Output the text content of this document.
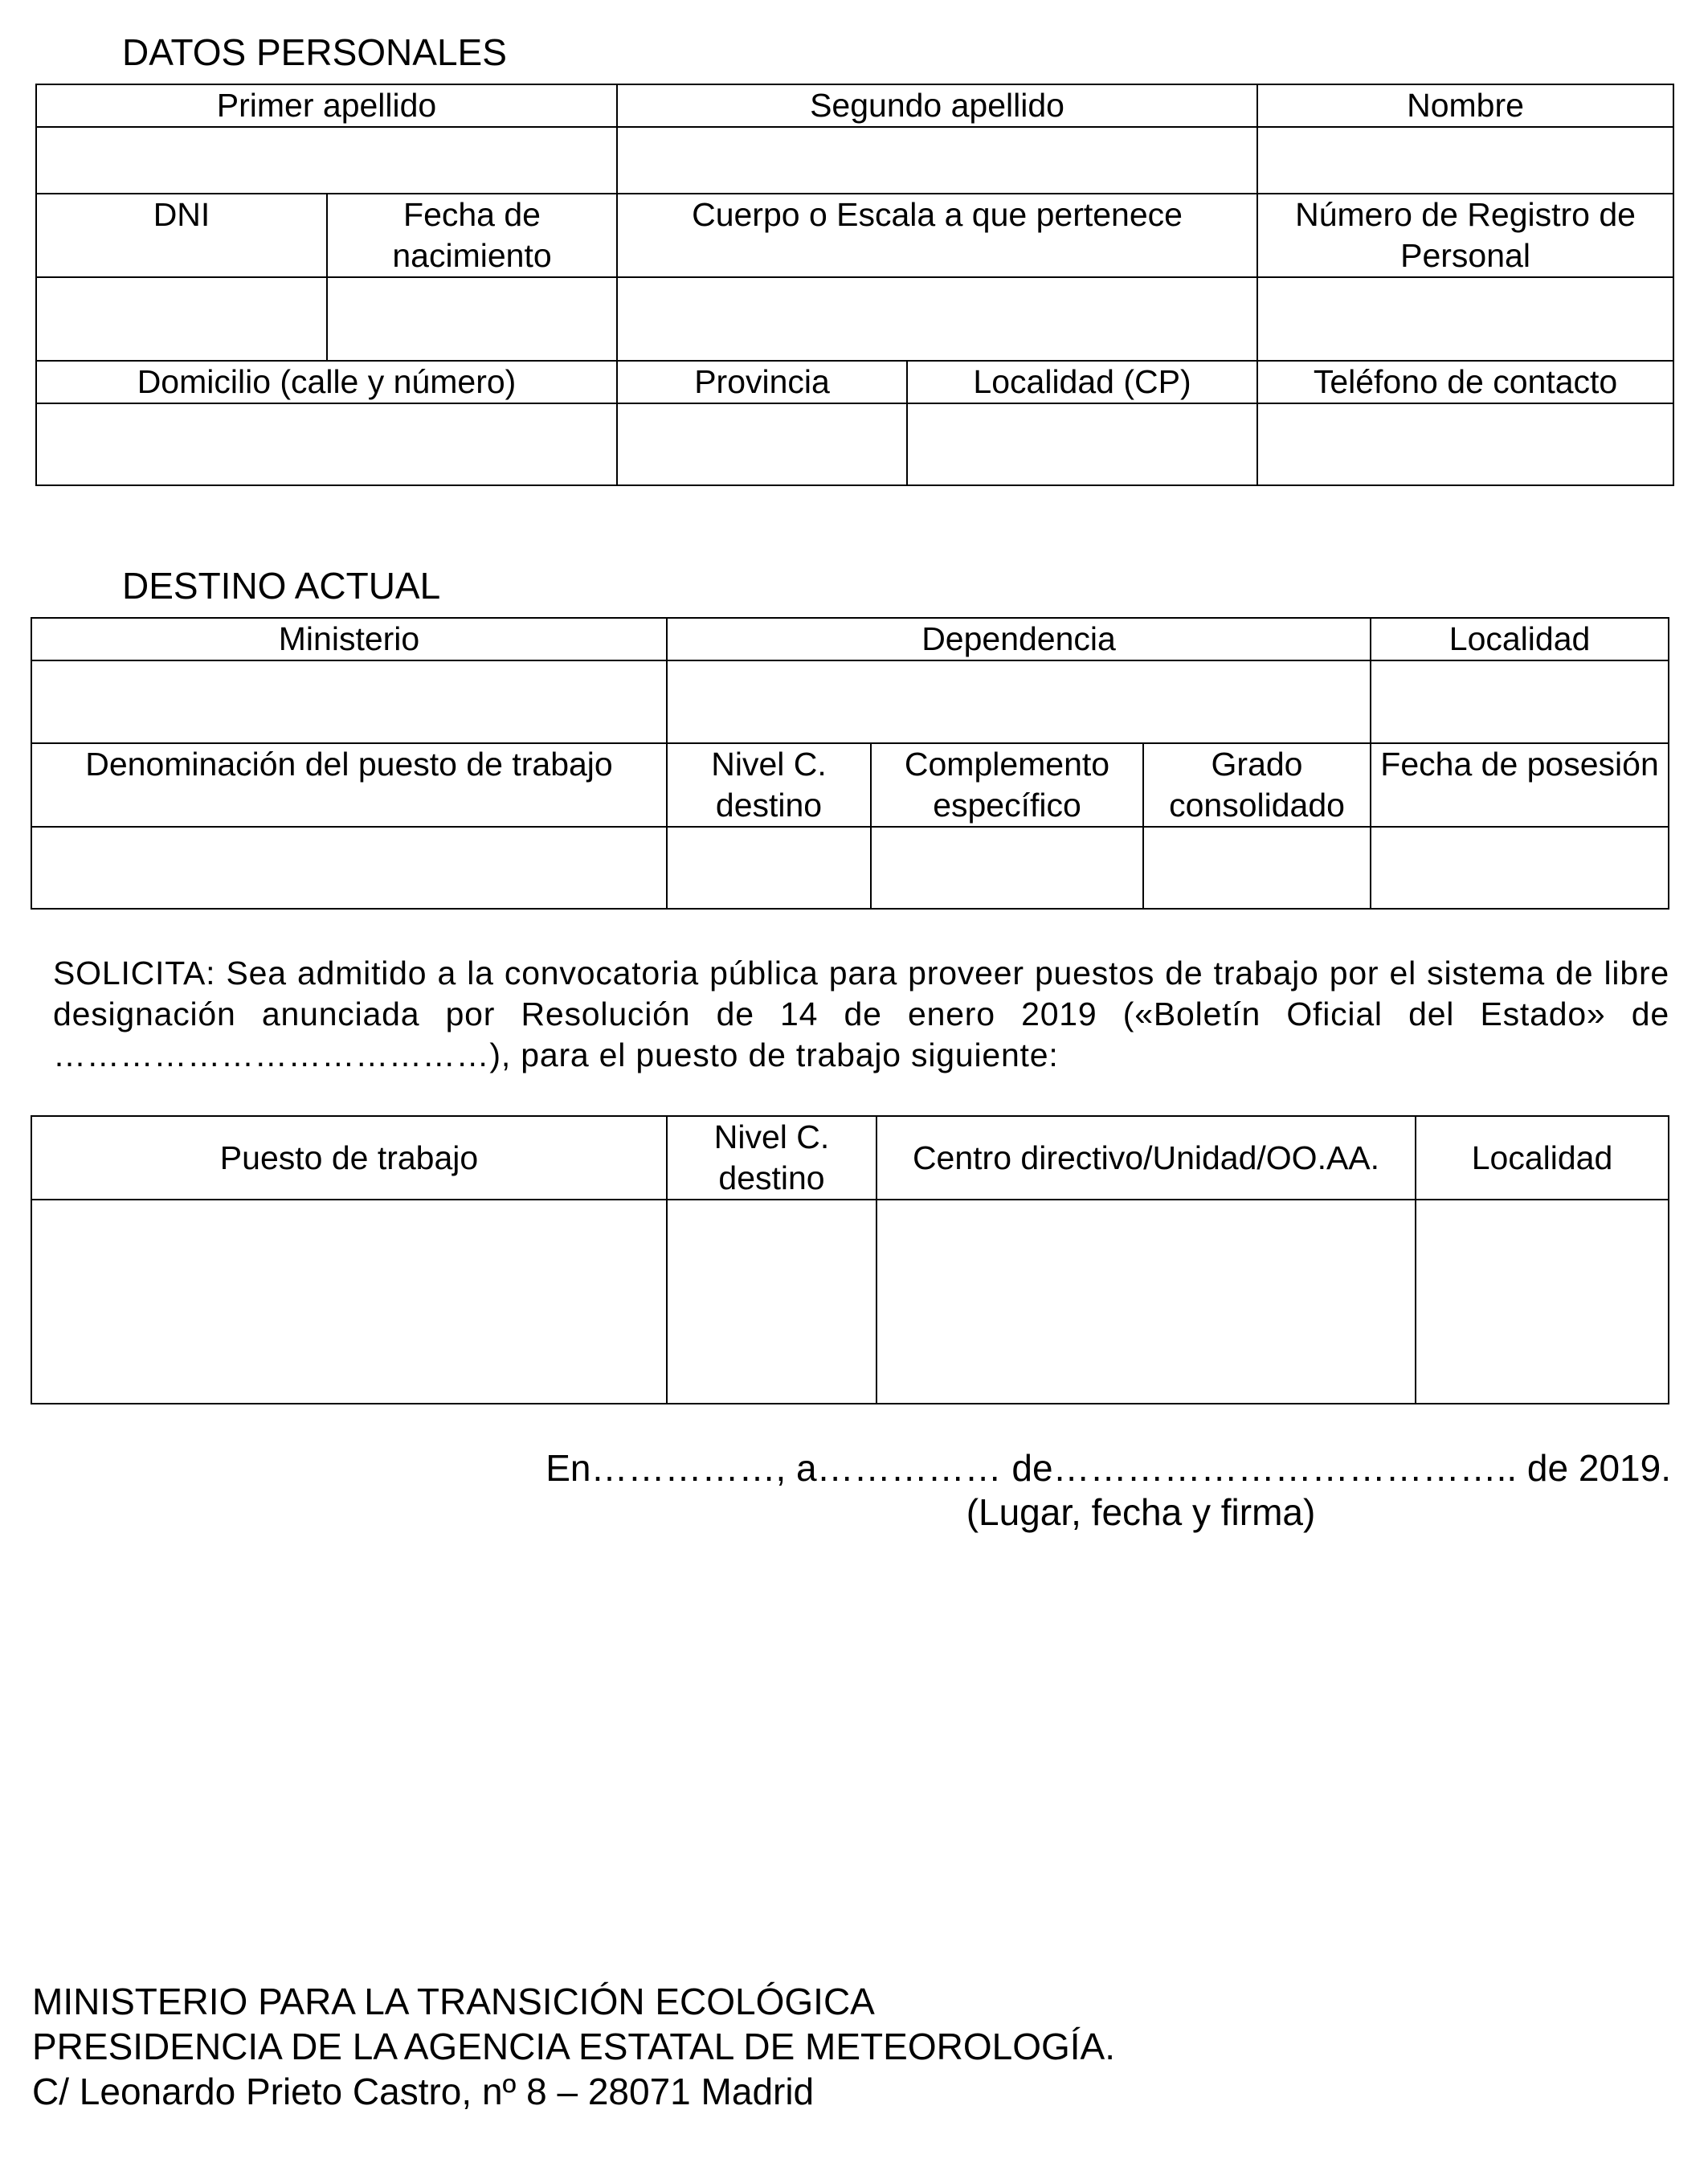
DATOS PERSONALES
Primer apellido		Segundo apellido		Nombre

DNI	Fecha de nacimiento	Cuerpo o Escala a que pertenece		Número de Registro de Personal

Domicilio (calle y número)		Provincia	Localidad (CP)	Teléfono de contacto

DESTINO ACTUAL
Ministerio	Dependencia			Localidad

Denominación del puesto de trabajo	Nivel C. destino	Complemento específico	Grado consolidado	Fecha de posesión

SOLICITA: Sea admitido a la convocatoria pública para proveer puestos de trabajo por el sistema de libre designación anunciada por Resolución de 14 de enero 2019 («Boletín Oficial del Estado» de …………………………………), para el puesto de trabajo siguiente:
Puesto de trabajo	Nivel C. destino	Centro directivo/Unidad/OO.AA.	Localidad

En……………, a…………… de……………………………….. de 2019.
(Lugar, fecha y firma)
MINISTERIO PARA LA TRANSICIÓN ECOLÓGICA
PRESIDENCIA DE LA AGENCIA ESTATAL DE METEOROLOGÍA.
C/ Leonardo Prieto Castro, nº 8 – 28071 Madrid
